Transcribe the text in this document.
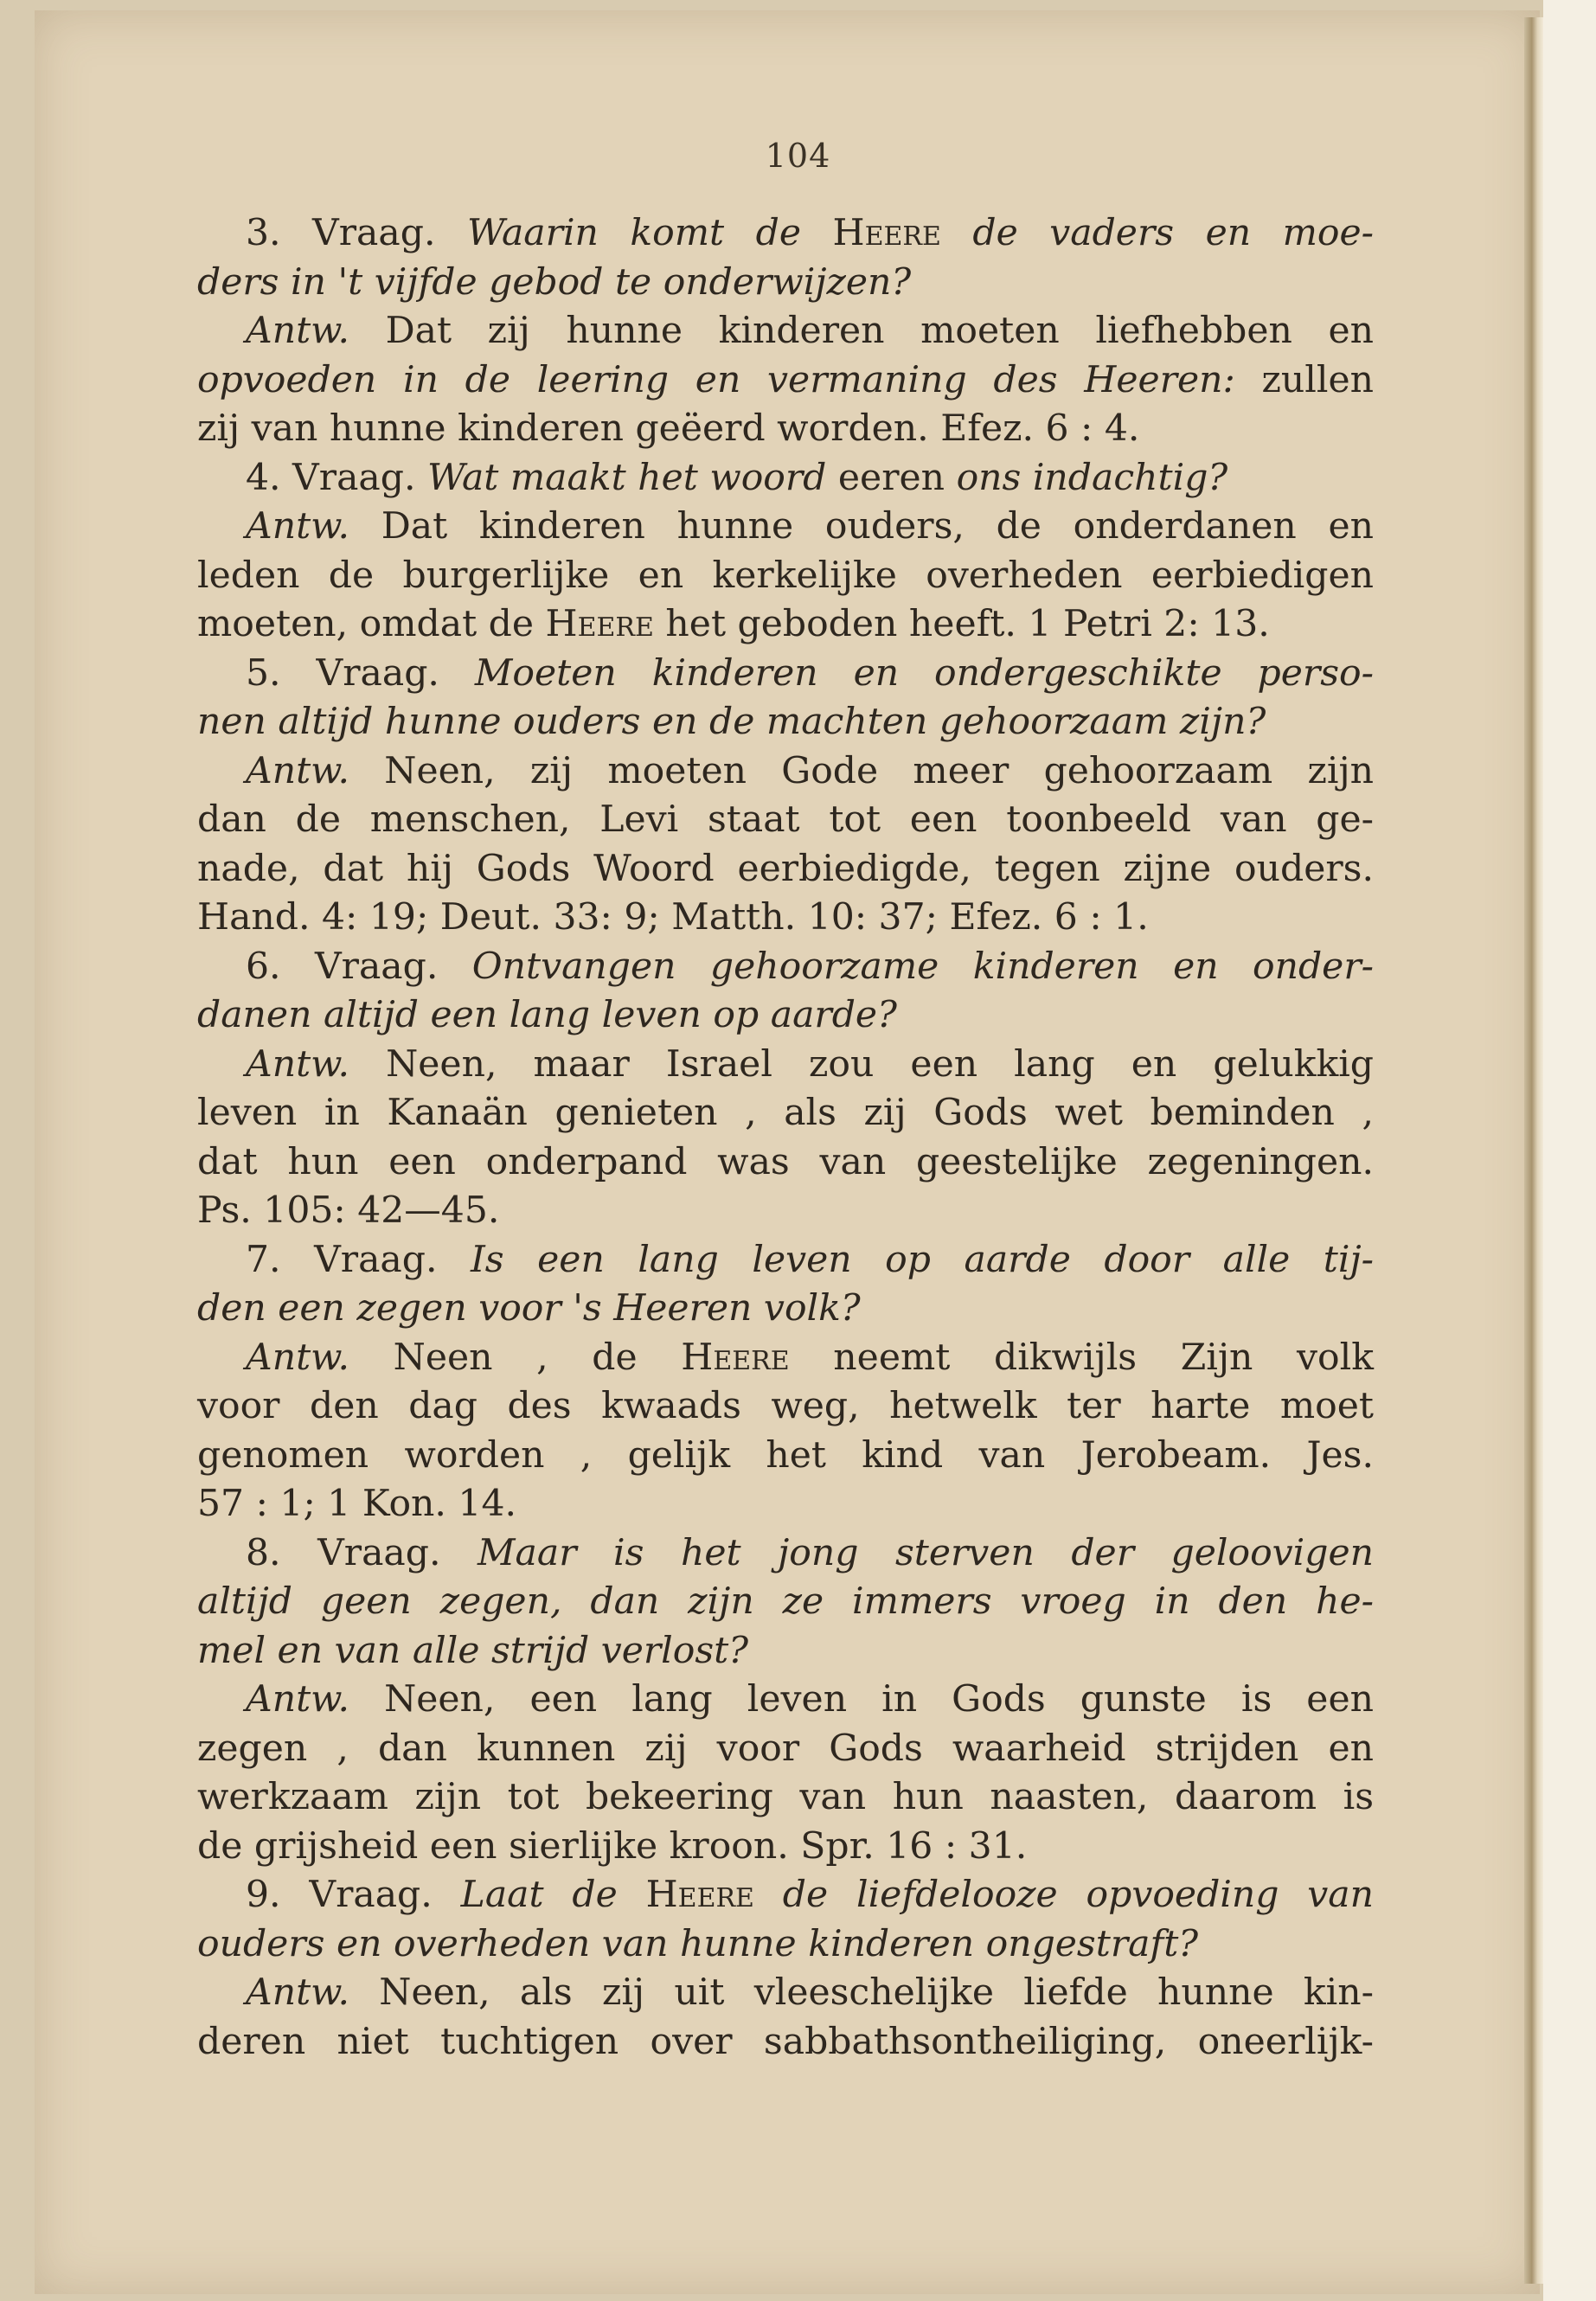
104
3. Vraag. Waarin komt de Heere de vaders en moe-
ders in 't vijfde gebod te onderwijzen?
Antw. Dat zij hunne kinderen moeten liefhebben en
opvoeden in de leering en vermaning des Heeren: zullen
zij van hunne kinderen geëerd worden. Efez. 6 : 4.
4. Vraag. Wat maakt het woord eeren ons indachtig?
Antw. Dat kinderen hunne ouders, de onderdanen en
leden de burgerlijke en kerkelijke overheden eerbiedigen
moeten, omdat de Heere het geboden heeft. 1 Petri 2: 13.
5. Vraag. Moeten kinderen en ondergeschikte perso-
nen altijd hunne ouders en de machten gehoorzaam zijn?
Antw. Neen, zij moeten Gode meer gehoorzaam zijn
dan de menschen, Levi staat tot een toonbeeld van ge-
nade, dat hij Gods Woord eerbiedigde, tegen zijne ouders.
Hand. 4: 19; Deut. 33: 9; Matth. 10: 37; Efez. 6 : 1.
6. Vraag. Ontvangen gehoorzame kinderen en onder-
danen altijd een lang leven op aarde?
Antw. Neen, maar Israel zou een lang en gelukkig
leven in Kanaän genieten , als zij Gods wet beminden ,
dat hun een onderpand was van geestelijke zegeningen.
Ps. 105: 42—45.
7. Vraag. Is een lang leven op aarde door alle tij-
den een zegen voor 's Heeren volk?
Antw. Neen , de Heere neemt dikwijls Zijn volk
voor den dag des kwaads weg, hetwelk ter harte moet
genomen worden , gelijk het kind van Jerobeam. Jes.
57 : 1; 1 Kon. 14.
8. Vraag. Maar is het jong sterven der geloovigen
altijd geen zegen, dan zijn ze immers vroeg in den he-
mel en van alle strijd verlost?
Antw. Neen, een lang leven in Gods gunste is een
zegen , dan kunnen zij voor Gods waarheid strijden en
werkzaam zijn tot bekeering van hun naasten, daarom is
de grijsheid een sierlijke kroon. Spr. 16 : 31.
9. Vraag. Laat de Heere de liefdelooze opvoeding van
ouders en overheden van hunne kinderen ongestraft?
Antw. Neen, als zij uit vleeschelijke liefde hunne kin-
deren niet tuchtigen over sabbathsontheiliging, oneerlijk-
